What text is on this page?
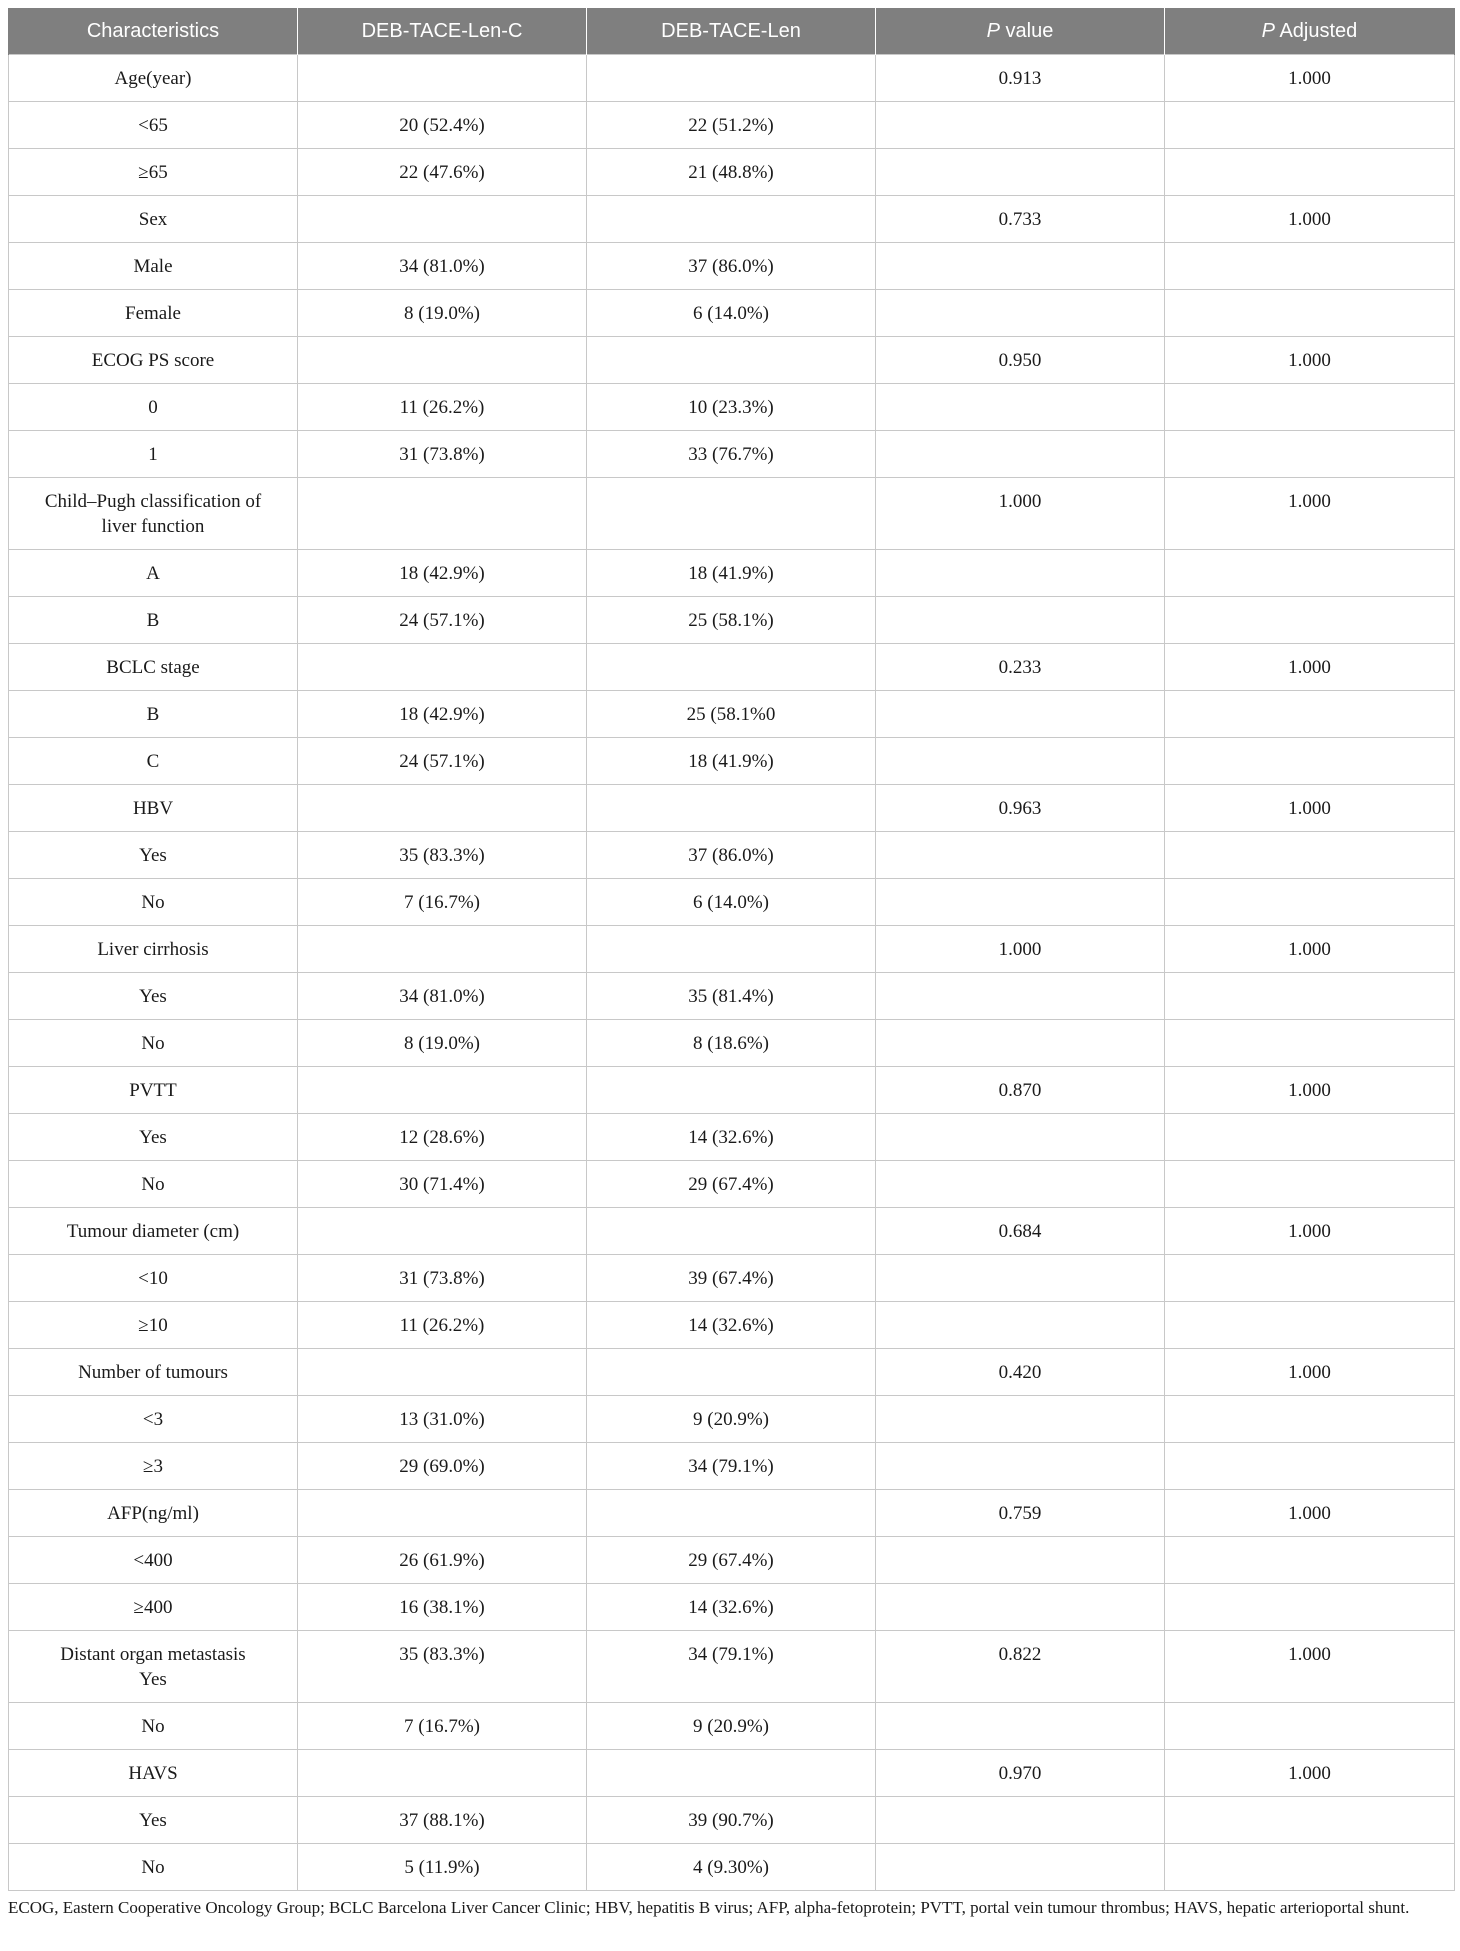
Characteristics	DEB-TACE-Len-C	DEB-TACE-Len	P value	P Adjusted
Age(year)			0.913	1.000
<65	20 (52.4%)	22 (51.2%)		
≥65	22 (47.6%)	21 (48.8%)		
Sex			0.733	1.000
Male	34 (81.0%)	37 (86.0%)		
Female	8 (19.0%)	6 (14.0%)		
ECOG PS score			0.950	1.000
0	11 (26.2%)	10 (23.3%)		
1	31 (73.8%)	33 (76.7%)		
Child–Pugh classification of
liver function			1.000	1.000
A	18 (42.9%)	18 (41.9%)		
B	24 (57.1%)	25 (58.1%)		
BCLC stage			0.233	1.000
B	18 (42.9%)	25 (58.1%0		
C	24 (57.1%)	18 (41.9%)		
HBV			0.963	1.000
Yes	35 (83.3%)	37 (86.0%)		
No	7 (16.7%)	6 (14.0%)		
Liver cirrhosis			1.000	1.000
Yes	34 (81.0%)	35 (81.4%)		
No	8 (19.0%)	8 (18.6%)		
PVTT			0.870	1.000
Yes	12 (28.6%)	14 (32.6%)		
No	30 (71.4%)	29 (67.4%)		
Tumour diameter (cm)			0.684	1.000
<10	31 (73.8%)	39 (67.4%)		
≥10	11 (26.2%)	14 (32.6%)		
Number of tumours			0.420	1.000
<3	13 (31.0%)	9 (20.9%)		
≥3	29 (69.0%)	34 (79.1%)		
AFP(ng/ml)			0.759	1.000
<400	26 (61.9%)	29 (67.4%)		
≥400	16 (38.1%)	14 (32.6%)		
Distant organ metastasis
Yes	35 (83.3%)	34 (79.1%)	0.822	1.000
No	7 (16.7%)	9 (20.9%)		
HAVS			0.970	1.000
Yes	37 (88.1%)	39 (90.7%)		
No	5 (11.9%)	4 (9.30%)		
ECOG, Eastern Cooperative Oncology Group; BCLC Barcelona Liver Cancer Clinic; HBV, hepatitis B virus; AFP, alpha-fetoprotein; PVTT, portal vein tumour thrombus; HAVS, hepatic arterioportal shunt.
